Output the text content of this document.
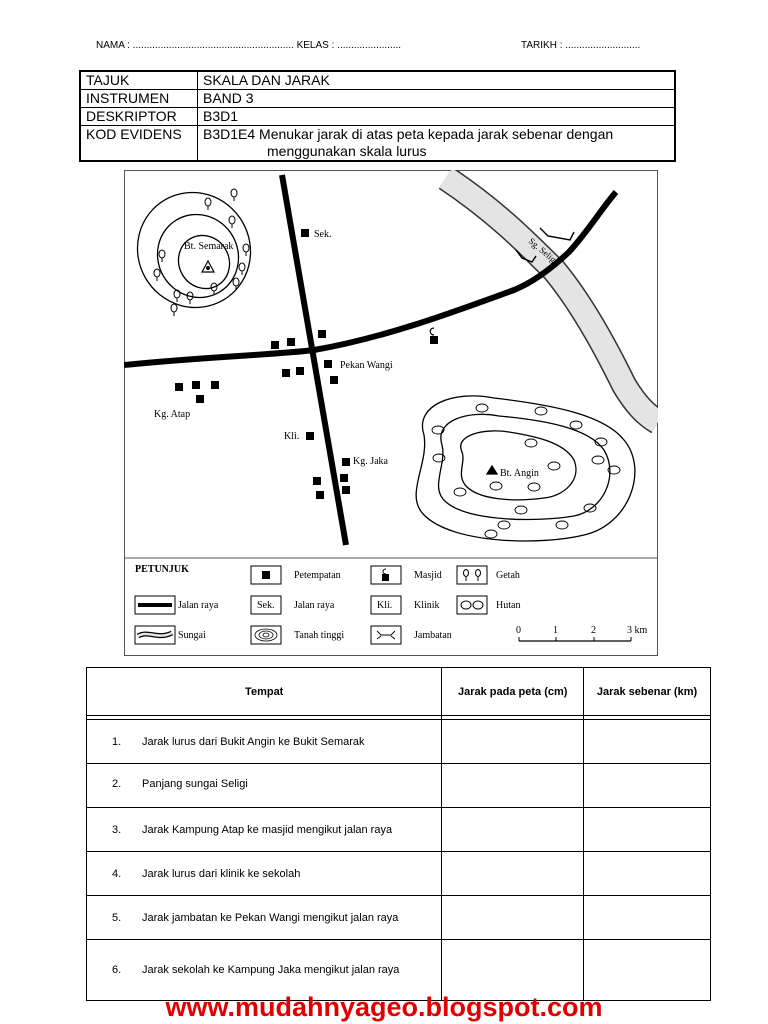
NAMA : .......................................................... KELAS : .......................	TARIKH : ...........................
TAJUK	SKALA DAN JARAK
INSTRUMEN	BAND 3
DESKRIPTOR	B3D1
KOD EVIDENS	B3D1E4 Menukar jarak di atas peta kepada jarak sebenar dengan
menggunakan skala lurus
Sek.
Bt. Semarak
Pekan Wangi
Kg. Atap
Kli.
Kg. Jaka
Bt. Angin
Sg. Seligi
PETUNJUK
Petempatan	Masjid	Getah
Jalan raya	Sek. Jalan raya	Kli. Klinik	Hutan
Sungai	Tanah tinggi	Jambatan	0	1	2	3 km
Tempat	Jarak pada peta (cm)	Jarak sebenar (km)

1. Jarak lurus dari Bukit Angin ke Bukit Semarak		
2. Panjang sungai Seligi		
3. Jarak Kampung Atap ke masjid mengikut jalan raya		
4. Jarak lurus dari klinik ke sekolah		
5. Jarak jambatan ke Pekan Wangi mengikut jalan raya		
6. Jarak sekolah ke Kampung Jaka mengikut jalan raya		
www.mudahnyageo.blogspot.com
